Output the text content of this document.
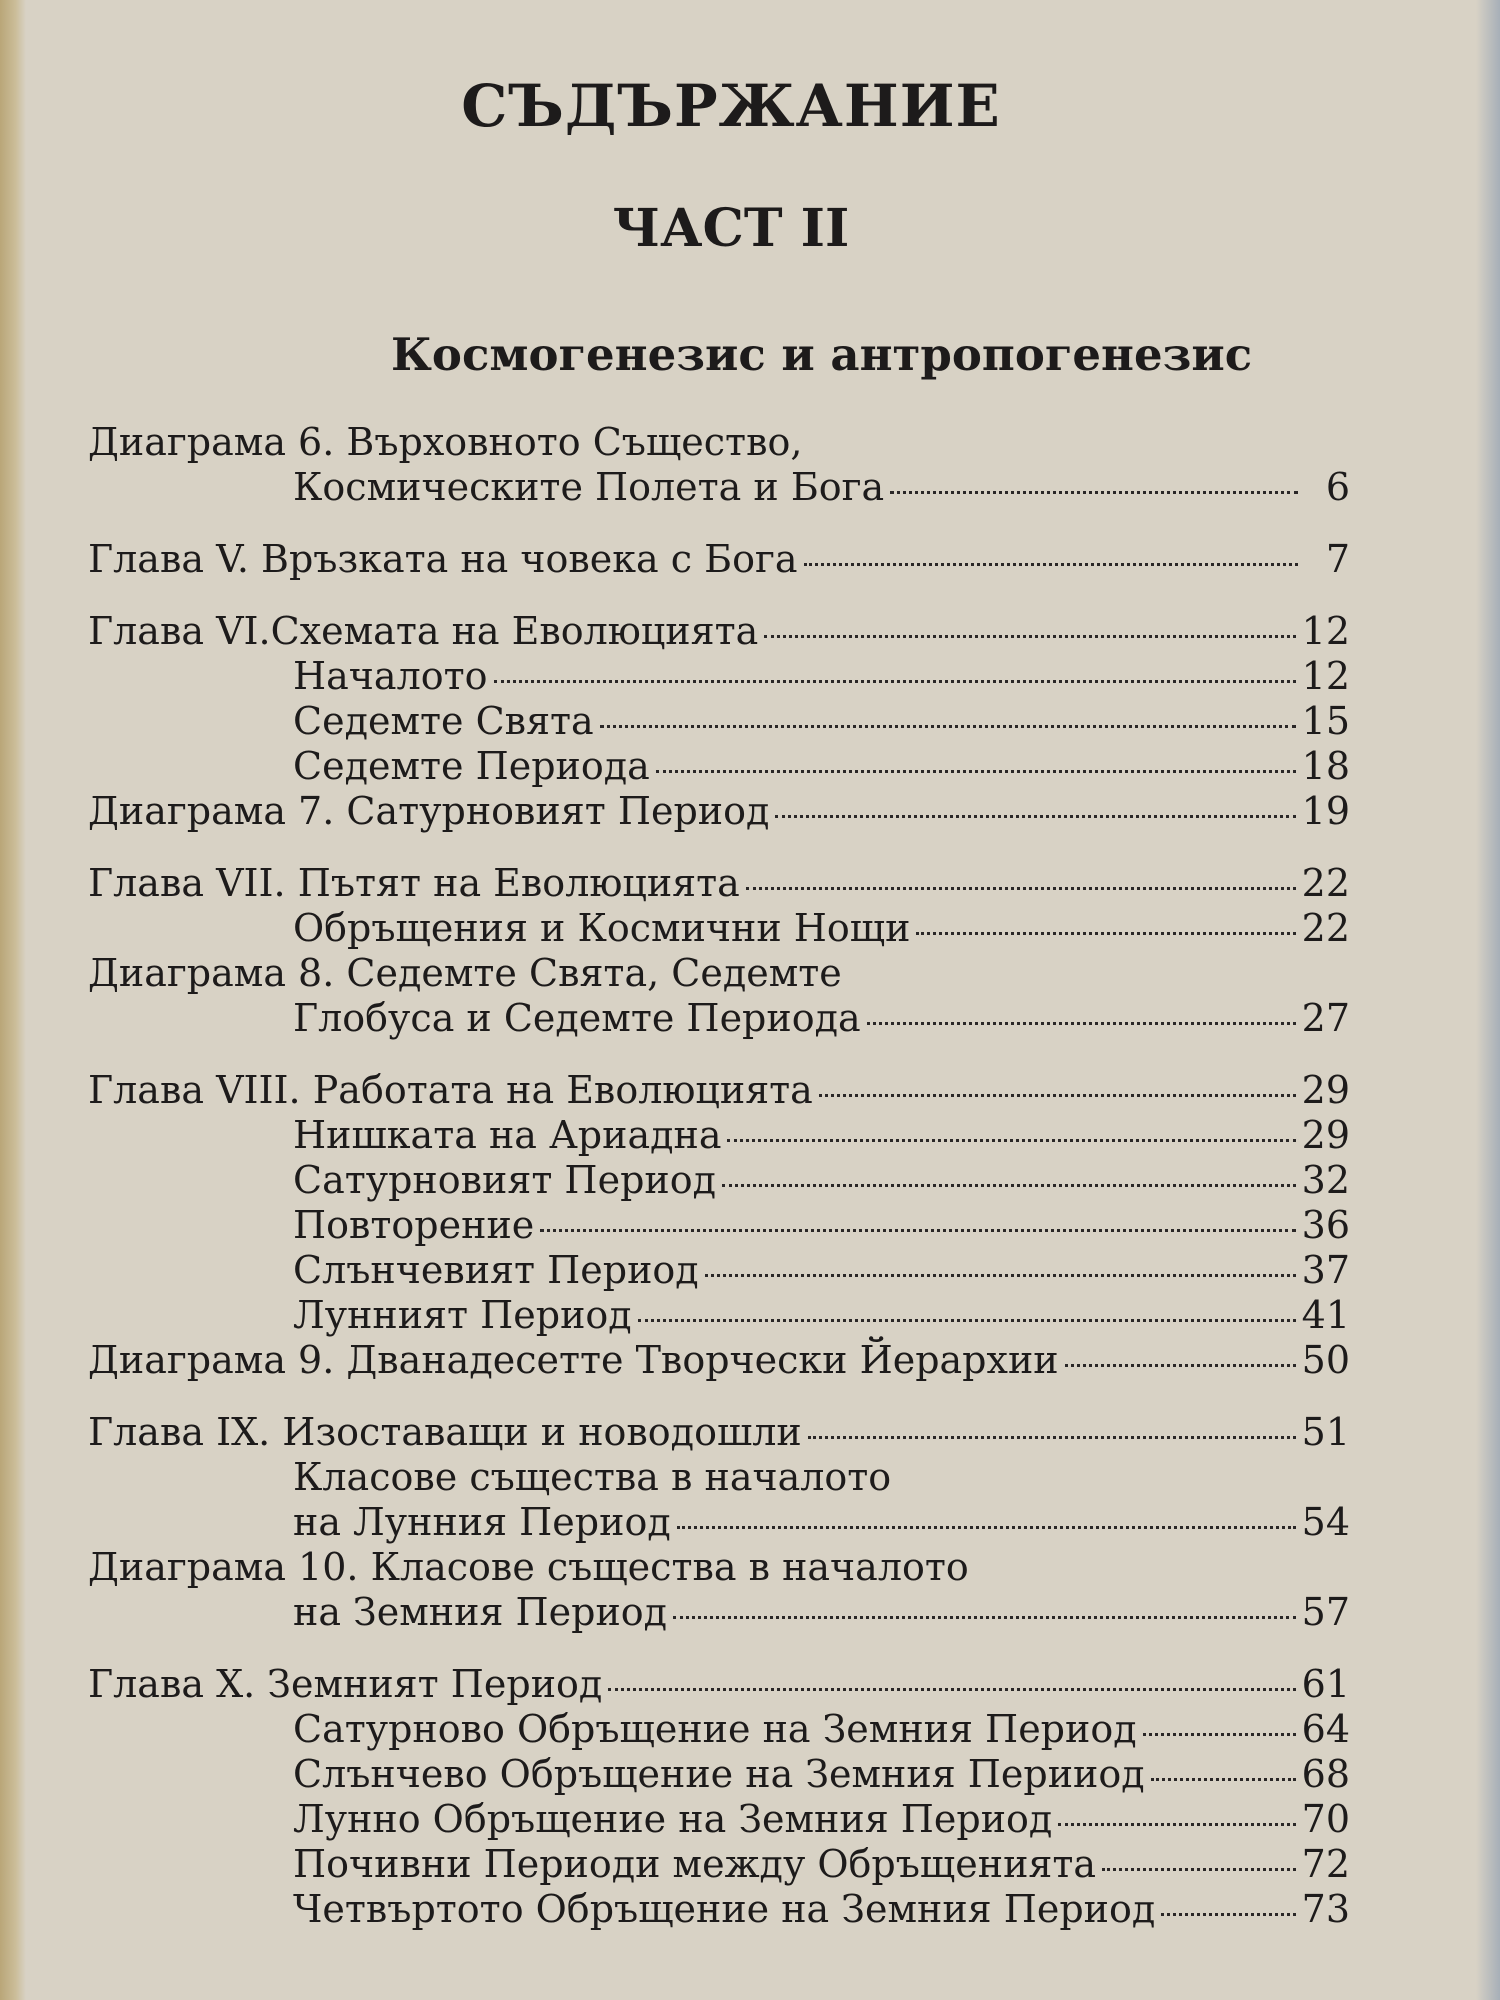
СЪДЪРЖАНИЕ
ЧАСТ II
Космогенезис и антропогенезис
Диаграма 6. Върховното Същество,
Космическите Полета и Бога	6
Глава V. Връзката на човека с Бога	7
Глава VI.Схемата на Еволюцията	12
Началото	12
Седемте Свята	15
Седемте Периода	18
Диаграма 7. Сатурновият Период	19
Глава VII. Пътят на Еволюцията	22
Обръщения и Космични Нощи	22
Диаграма 8. Седемте Свята, Седемте
Глобуса и Седемте Периода	27
Глава VIII. Работата на Еволюцията	29
Нишката на Ариадна	29
Сатурновият Период	32
Повторение	36
Слънчевият Период	37
Лунният Период	41
Диаграма 9. Дванадесетте Творчески Йерархии	50
Глава IX. Изоставащи и новодошли	51
Класове същества в началото
на Лунния Период	54
Диаграма 10. Класове същества в началото
на Земния Период	57
Глава X. Земният Период	61
Сатурново Обръщение на Земния Период	64
Слънчево Обръщение на Земния Перииод	68
Лунно Обръщение на Земния Период	70
Почивни Периоди между Обръщенията	72
Четвъртото Обръщение на Земния Период	73
